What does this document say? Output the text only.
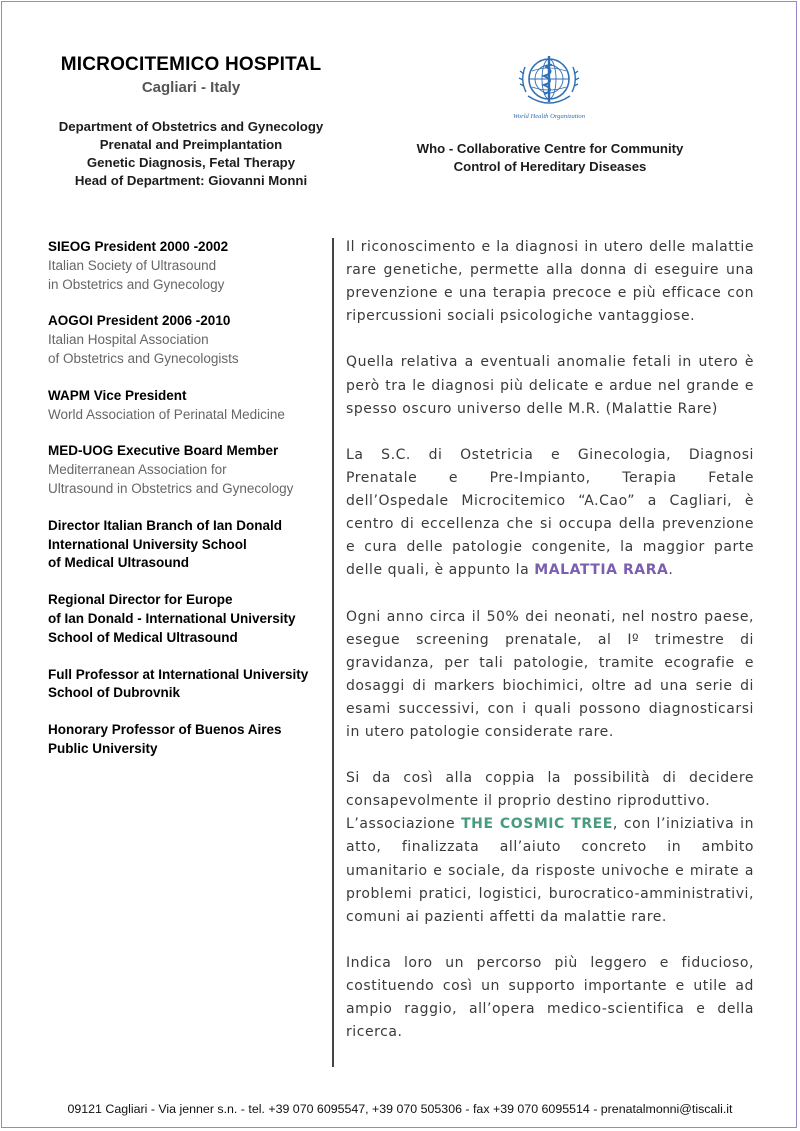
MICROCITEMICO HOSPITAL
Cagliari - Italy
Department of Obstetrics and Gynecology
Prenatal and Preimplantation
Genetic Diagnosis, Fetal Therapy
Head of Department: Giovanni Monni
World Health Organization
Who - Collaborative Centre for Community
Control of Hereditary Diseases
SIEOG President 2000 -2002
Italian Society of Ultrasound
in Obstetrics and Gynecology
AOGOI President 2006 -2010
Italian Hospital Association
of Obstetrics and Gynecologists
WAPM Vice President
World Association of Perinatal Medicine
MED-UOG Executive Board Member
Mediterranean Association for
Ultrasound in Obstetrics and Gynecology
Director Italian Branch of Ian Donald
International University School
of Medical Ultrasound
Regional Director for Europe
of Ian Donald - International University
School of Medical Ultrasound
Full Professor at International University
School of Dubrovnik
Honorary Professor of Buenos Aires
Public University

Il riconoscimento e la diagnosi in utero delle malattie rare genetiche, permette alla donna di eseguire una prevenzione e una terapia precoce e più efficace con ripercussioni sociali psicologiche vantaggiose.

Quella relativa a eventuali anomalie fetali in utero è però tra le diagnosi più delicate e ardue nel grande e spesso oscuro universo delle M.R. (Malattie Rare)

La S.C. di Ostetricia e Ginecologia, Diagnosi Prenatale e Pre-Impianto, Terapia Fetale dell’Ospedale Microcitemico “A.Cao” a Cagliari, è centro di eccellenza che si occupa della prevenzione e cura delle patologie congenite, la maggior parte delle quali, è appunto la MALATTIA RARA.

Ogni anno circa il 50% dei neonati, nel nostro paese, esegue screening prenatale, al Iº trimestre di gravidanza, per tali patologie, tramite ecografie e dosaggi di markers biochimici, oltre ad una serie di esami successivi, con i quali possono diagnosticarsi in utero patologie considerate rare.

Si da così alla coppia la possibilità di decidere consapevolmente il proprio destino riproduttivo.

L’associazione THE COSMIC TREE, con l’iniziativa in atto, finalizzata all’aiuto concreto in ambito umanitario e sociale, da risposte univoche e mirate a problemi pratici, logistici, burocratico-amministrativi, comuni ai pazienti affetti da malattie rare.

Indica loro un percorso più leggero e fiducioso, costituendo così un supporto importante e utile ad ampio raggio, all’opera medico-scientifica e della ricerca.

09121 Cagliari - Via jenner s.n. - tel. +39 070 6095547, +39 070 505306 - fax +39 070 6095514 - prenatalmonni@tiscali.it
